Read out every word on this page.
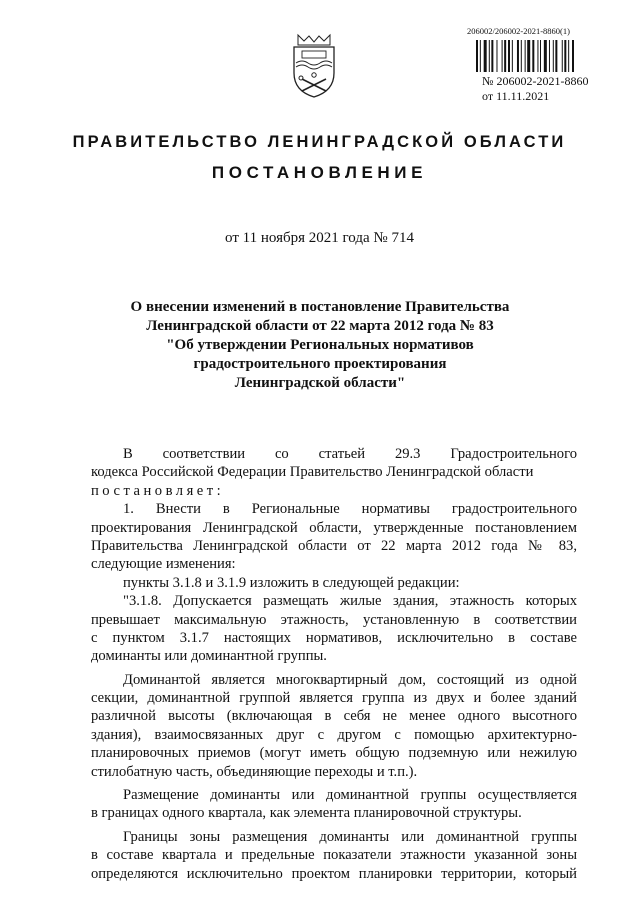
206002/206002-2021-8860(1)
№ 206002-2021-8860
от 11.11.2021
ПРАВИТЕЛЬСТВО ЛЕНИНГРАДСКОЙ ОБЛАСТИ
ПОСТАНОВЛЕНИЕ
от 11 ноября 2021 года № 714
О внесении изменений в постановление Правительства
Ленинградской области от 22 марта 2012 года № 83
"Об утверждении Региональных нормативов
градостроительного проектирования
Ленинградской области"
В соответствии со статьей 29.3 Градостроительного
кодекса Российской Федерации Правительство Ленинградской области
постановляет:
1. Внести в Региональные нормативы градостроительного
проектирования Ленинградской области, утвержденные постановлением
Правительства Ленинградской области от 22 марта 2012 года № 83,
следующие изменения:
пункты 3.1.8 и 3.1.9 изложить в следующей редакции:
"3.1.8. Допускается размещать жилые здания, этажность которых
превышает максимальную этажность, установленную в соответствии
с пунктом 3.1.7 настоящих нормативов, исключительно в составе
доминанты или доминантной группы.
Доминантой является многоквартирный дом, состоящий из одной
секции, доминантной группой является группа из двух и более зданий
различной высоты (включающая в себя не менее одного высотного
здания), взаимосвязанных друг с другом с помощью архитектурно-
планировочных приемов (могут иметь общую подземную или нежилую
стилобатную часть, объединяющие переходы и т.п.).
Размещение доминанты или доминантной группы осуществляется
в границах одного квартала, как элемента планировочной структуры.
Границы зоны размещения доминанты или доминантной группы
в составе квартала и предельные показатели этажности указанной зоны
определяются исключительно проектом планировки территории, который
